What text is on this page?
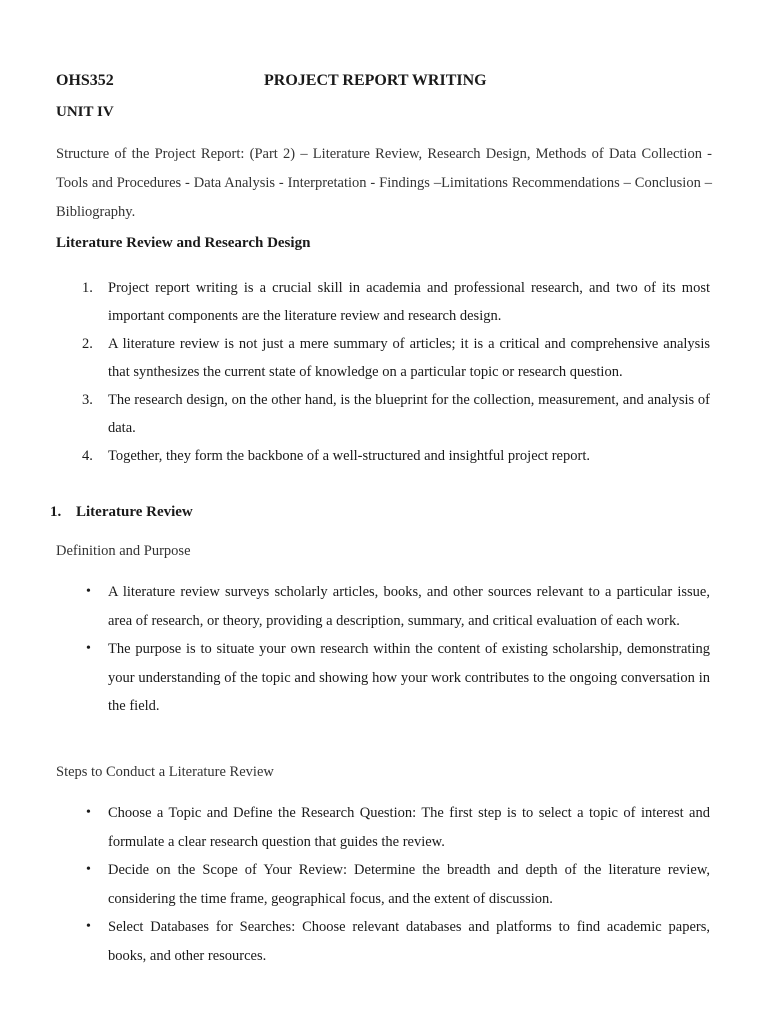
OHS352	PROJECT REPORT WRITING
UNIT IV

Structure of the Project Report: (Part 2) – Literature Review, Research Design, Methods of Data Collection - Tools and Procedures - Data Analysis - Interpretation - Findings –Limitations Recommendations – Conclusion – Bibliography.

Literature Review and Research Design
1. Project report writing is a crucial skill in academia and professional research, and two of its most important components are the literature review and research design.
2. A literature review is not just a mere summary of articles; it is a critical and comprehensive analysis that synthesizes the current state of knowledge on a particular topic or research question.
3. The research design, on the other hand, is the blueprint for the collection, measurement, and analysis of data.
4. Together, they form the backbone of a well-structured and insightful project report.
1. Literature Review
Definition and Purpose
• A literature review surveys scholarly articles, books, and other sources relevant to a particular issue, area of research, or theory, providing a description, summary, and critical evaluation of each work.
• The purpose is to situate your own research within the content of existing scholarship, demonstrating your understanding of the topic and showing how your work contributes to the ongoing conversation in the field.
Steps to Conduct a Literature Review
• Choose a Topic and Define the Research Question: The first step is to select a topic of interest and formulate a clear research question that guides the review.
• Decide on the Scope of Your Review: Determine the breadth and depth of the literature review, considering the time frame, geographical focus, and the extent of discussion.
• Select Databases for Searches: Choose relevant databases and platforms to find academic papers, books, and other resources.
